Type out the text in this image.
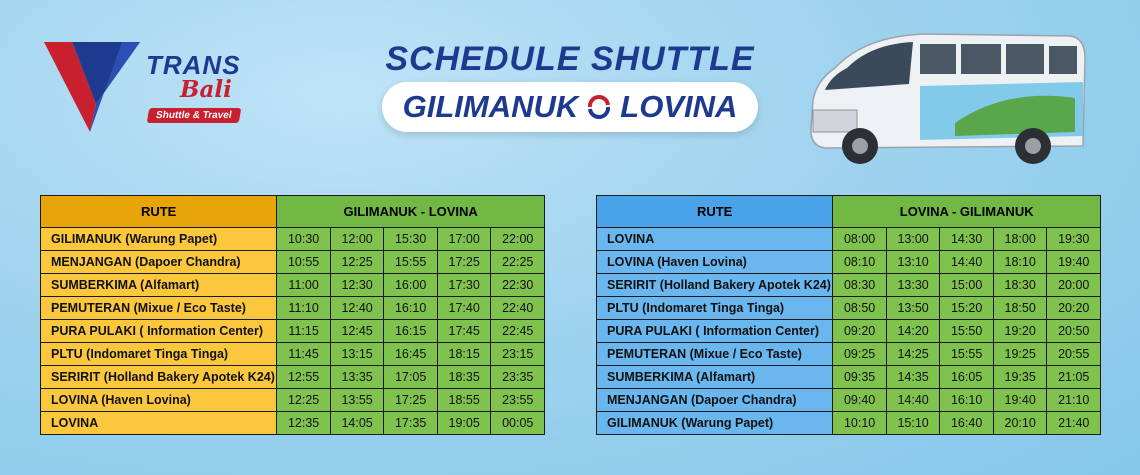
TRANS
Bali
Shuttle & Travel
SCHEDULE SHUTTLE
GILIMANUK LOVINA
RUTE	GILIMANUK - LOVINA				
GILIMANUK (Warung Papet)	10:30	12:00	15:30	17:00	22:00
MENJANGAN (Dapoer Chandra)	10:55	12:25	15:55	17:25	22:25
SUMBERKIMA (Alfamart)	11:00	12:30	16:00	17:30	22:30
PEMUTERAN (Mixue / Eco Taste)	11:10	12:40	16:10	17:40	22:40
PURA PULAKI ( Information Center)	11:15	12:45	16:15	17:45	22:45
PLTU (Indomaret Tinga Tinga)	11:45	13:15	16:45	18:15	23:15
SERIRIT (Holland Bakery Apotek K24)	12:55	13:35	17:05	18:35	23:35
LOVINA (Haven Lovina)	12:25	13:55	17:25	18:55	23:55
LOVINA	12:35	14:05	17:35	19:05	00:05
RUTE	LOVINA - GILIMANUK				
LOVINA	08:00	13:00	14:30	18:00	19:30
LOVINA (Haven Lovina)	08:10	13:10	14:40	18:10	19:40
SERIRIT (Holland Bakery Apotek K24)	08:30	13:30	15:00	18:30	20:00
PLTU (Indomaret Tinga Tinga)	08:50	13:50	15:20	18:50	20:20
PURA PULAKI ( Information Center)	09:20	14:20	15:50	19:20	20:50
PEMUTERAN (Mixue / Eco Taste)	09:25	14:25	15:55	19:25	20:55
SUMBERKIMA (Alfamart)	09:35	14:35	16:05	19:35	21:05
MENJANGAN (Dapoer Chandra)	09:40	14:40	16:10	19:40	21:10
GILIMANUK (Warung Papet)	10:10	15:10	16:40	20:10	21:40
